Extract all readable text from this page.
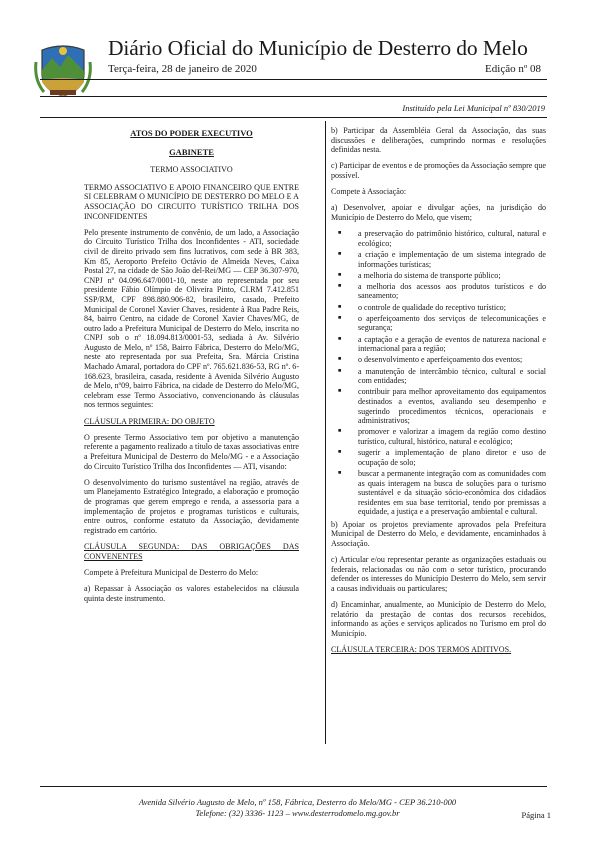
Diário Oficial do Município de Desterro do Melo
Terça-feira, 28 de janeiro de 2020	Edição nº 08
Instituído pela Lei Municipal nº 830/2019

ATOS DO PODER EXECUTIVO

GABINETE

TERMO ASSOCIATIVO

TERMO ASSOCIATIVO E APOIO FINANCEIRO QUE ENTRE SI CELEBRAM O MUNICÍPIO DE DESTERRO DO MELO E A ASSOCIAÇÃO DO CIRCUITO TURÍSTICO TRILHA DOS INCONFIDENTES

Pelo presente instrumento de convênio, de um lado, a Associação do Circuito Turístico Trilha dos Inconfidentes - ATI, sociedade civil de direito privado sem fins lucrativos, com sede à BR 383, Km 85, Aeroporto Prefeito Octávio de Almeida Neves, Caixa Postal 27, na cidade de São João del-Rei/MG — CEP 36.307-970, CNPJ nº 04.096.647/0001-10, neste ato representada por seu presidente Fábio Olímpio de Oliveira Pinto, CI.RM 7.412.851 SSP/RM, CPF 898.880.906-82, brasileiro, casado, Prefeito Municipal de Coronel Xavier Chaves, residente à Rua Padre Reis, 84, bairro Centro, na cidade de Coronel Xavier Chaves/MG, de outro lado a Prefeitura Municipal de Desterro do Melo, inscrita no CNPJ sob o nº 18.094.813/0001-53, sediada à Av. Silvério Augusto de Melo, nº 158, Bairro Fábrica, Desterro do Melo/MG, neste ato representada por sua Prefeita, Sra. Márcia Cristina Machado Amaral, portadora do CPF nº. 765.621.836-53, RG nº. 6-168.623, brasileira, casada, residente à Avenida Silvério Augusto de Melo, nº09, bairro Fábrica, na cidade de Desterro do Melo/MG, celebram esse Termo Associativo, convencionando às cláusulas nos termos seguintes:

CLÁUSULA PRIMEIRA: DO OBJETO

O presente Termo Associativo tem por objetivo a manutenção referente a pagamento realizado a título de taxas associativas entre a Prefeitura Municipal de Desterro do Melo/MG - e a Associação do Circuito Turístico Trilha dos Inconfidentes — ATI, visando:

O desenvolvimento do turismo sustentável na região, através de um Planejamento Estratégico Integrado, a elaboração e promoção de programas que gerem emprego e renda, a assessoria para a implementação de projetos e programas turísticos e culturais, entre outros, conforme estatuto da Associação, devidamente registrado em cartório.

CLÁUSULA SEGUNDA: DAS OBRIGAÇÕES DAS CONVENENTES

Compete à Prefeitura Municipal de Desterro do Melo:

a) Repassar à Associação os valores estabelecidos na cláusula quinta deste instrumento.

b) Participar da Assembléia Geral da Associação, das suas discussões e deliberações, cumprindo normas e resoluções definidas nesta.

c) Participar de eventos e de promoções da Associação sempre que possível.

Compete à Associação:

a) Desenvolver, apoiar e divulgar ações, na jurisdição do Município de Desterro do Melo, que visem;

■ a preservação do patrimônio histórico, cultural, natural e ecológico;
■ a criação e implementação de um sistema integrado de informações turísticas;
■ a melhoria do sistema de transporte público;
■ a melhoria dos acessos aos produtos turísticos e do saneamento;
■ o controle de qualidade do receptivo turístico;
■ o aperfeiçoamento dos serviços de telecomunicações e segurança;
■ a captação e a geração de eventos de natureza nacional e internacional para a região;
■ o desenvolvimento e aperfeiçoamento dos eventos;
■ a manutenção de intercâmbio técnico, cultural e social com entidades;
■ contribuir para melhor aproveitamento dos equipamentos destinados a eventos, avaliando seu desempenho e sugerindo procedimentos técnicos, operacionais e administrativos;
■ promover e valorizar a imagem da região como destino turístico, cultural, histórico, natural e ecológico;
■ sugerir a implementação de plano diretor e uso de ocupação de solo;
■ buscar a permanente integração com as comunidades com as quais interagem na busca de soluções para o turismo sustentável e da situação sócio-econômica dos cidadãos residentes em sua base territorial, tendo por premissas a equidade, a justiça e a preservação ambiental e cultural.

b) Apoiar os projetos previamente aprovados pela Prefeitura Municipal de Desterro do Melo, e devidamente, encaminhados à Associação.

c) Articular e/ou representar perante as organizações estaduais ou federais, relacionadas ou não com o setor turístico, procurando defender os interesses do Município Desterro do Melo, sem servir a causas individuais ou particulares;

d) Encaminhar, anualmente, ao Município de Desterro do Melo, relatório da prestação de contas dos recursos recebidos, informando as ações e serviços aplicados no Turismo em prol do Município.

CLÁUSULA TERCEIRA: DOS TERMOS ADITIVOS.

Avenida Silvério Augusto de Melo, nº 158, Fábrica, Desterro do Melo/MG - CEP 36.210-000
Telefone: (32) 3336- 1123 – www.desterrodomelo.mg.gov.br	Página 1
